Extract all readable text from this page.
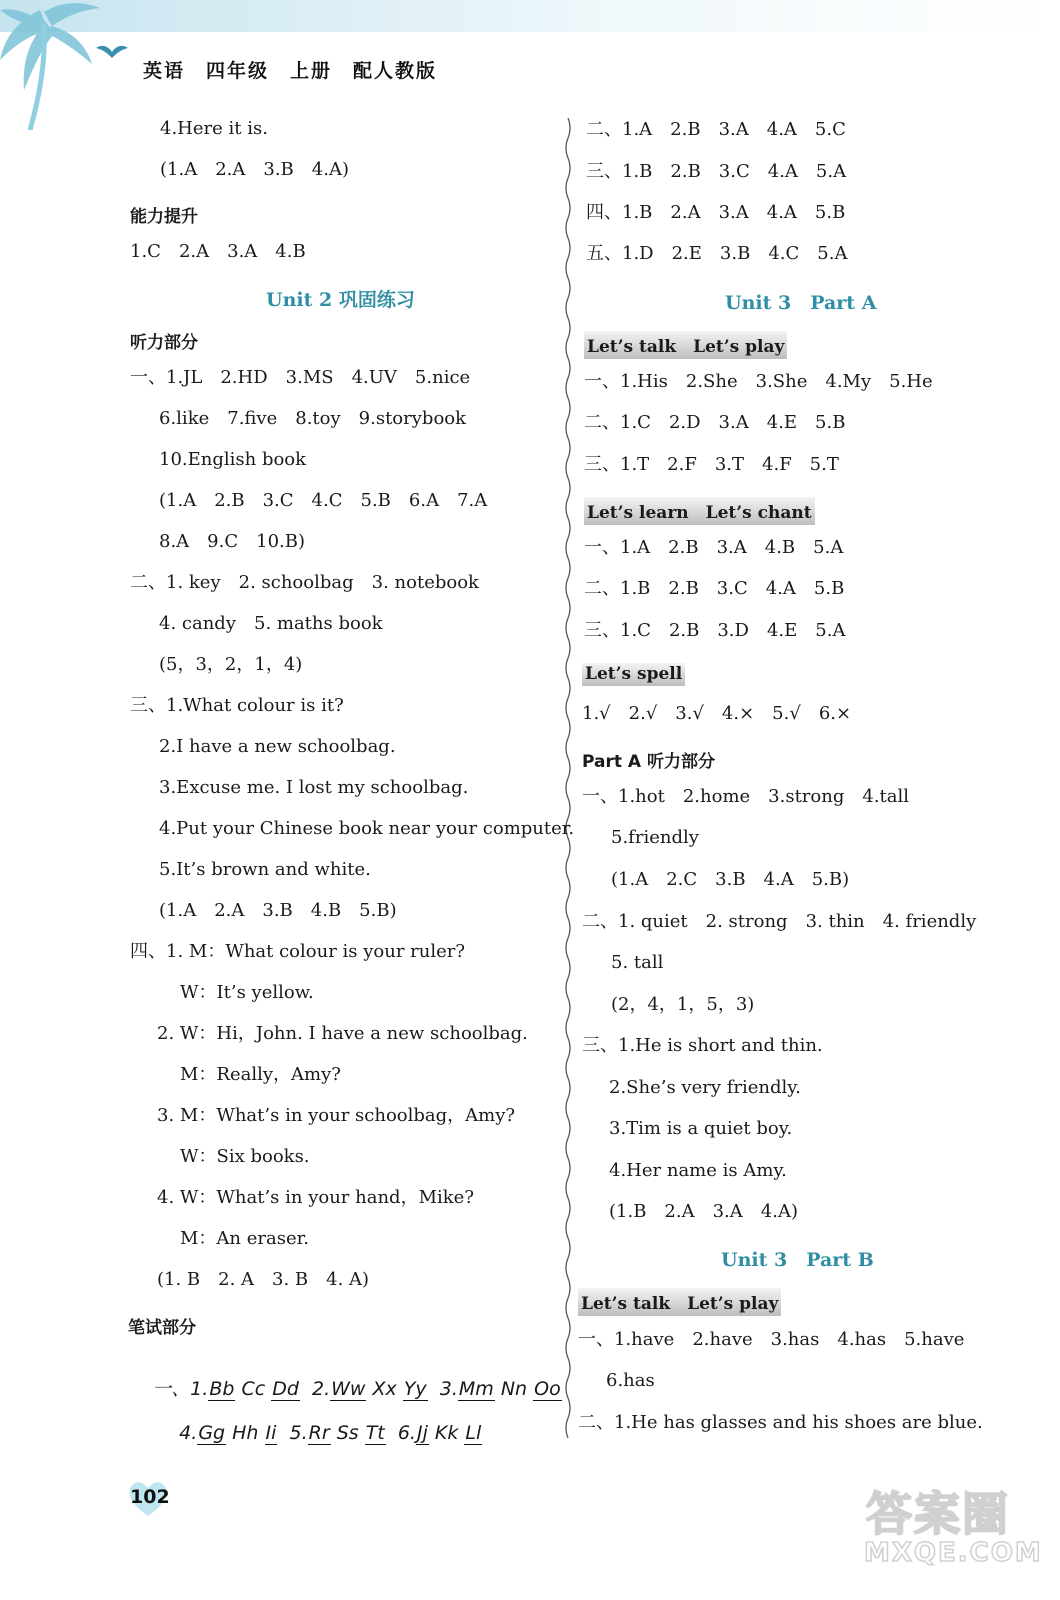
英语　四年级　上册　配人教版
4.Here it is.
(1.A　2.A　3.B　4.A)
能力提升
1.C　2.A　3.A　4.B
Unit 2 巩固练习
听力部分
一、1.JL　2.HD　3.MS　4.UV　5.nice
6.like　7.five　8.toy　9.storybook
10.English book
(1.A　2.B　3.C　4.C　5.B　6.A　7.A
8.A　9.C　10.B)
二、1. key　2. schoolbag　3. notebook
4. candy　5. maths book
(5，3，2，1，4)
三、1.What colour is it?
2.I have a new schoolbag.
3.Excuse me. I lost my schoolbag.
4.Put your Chinese book near your computer.
5.It’s brown and white.
(1.A　2.A　3.B　4.B　5.B)
四、1. M：What colour is your ruler?
W：It’s yellow.
2. W：Hi，John. I have a new schoolbag.
M：Really，Amy?
3. M：What’s in your schoolbag，Amy?
W：Six books.
4. W：What’s in your hand，Mike?
M：An eraser.
(1. B　2. A　3. B　4. A)
笔试部分

一、1.Bb Cc Dd  2.Ww Xx Yy  3.Mm Nn Oo

4.Gg Hh Ii  5.Rr Ss Tt  6.Jj Kk Ll

二、1.A　2.B　3.A　4.A　5.C
三、1.B　2.B　3.C　4.A　5.A
四、1.B　2.A　3.A　4.A　5.B
五、1.D　2.E　3.B　4.C　5.A
Unit 3　Part A
Let’s talk　Let’s play
一、1.His　2.She　3.She　4.My　5.He
二、1.C　2.D　3.A　4.E　5.B
三、1.T　2.F　3.T　4.F　5.T
Let’s learn　Let’s chant
一、1.A　2.B　3.A　4.B　5.A
二、1.B　2.B　3.C　4.A　5.B
三、1.C　2.B　3.D　4.E　5.A
Let’s spell
1.√　2.√　3.√　4.×　5.√　6.×
Part A 听力部分
一、1.hot　2.home　3.strong　4.tall
5.friendly
(1.A　2.C　3.B　4.A　5.B)
二、1. quiet　2. strong　3. thin　4. friendly
5. tall
(2，4，1，5，3)
三、1.He is short and thin.
2.She’s very friendly.
3.Tim is a quiet boy.
4.Her name is Amy.
(1.B　2.A　3.A　4.A)
Unit 3　Part B
Let’s talk　Let’s play
一、1.have　2.have　3.has　4.has　5.have
6.has
二、1.He has glasses and his shoes are blue.
102	答案圈
MXQE.COM
